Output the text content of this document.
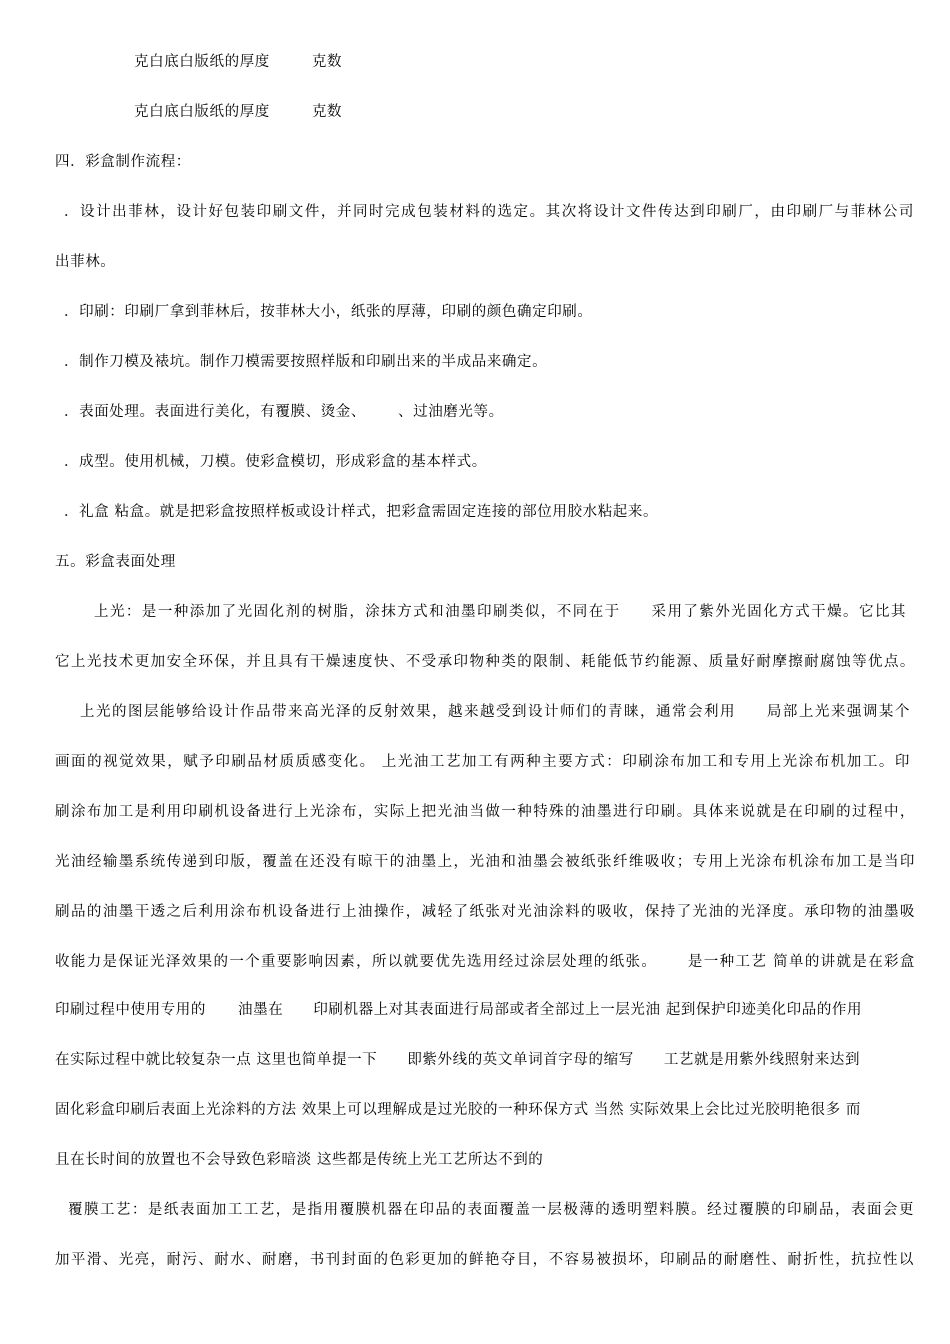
克白底白版纸的厚度	克数
克白底白版纸的厚度	克数
四．彩盒制作流程：
．设计出菲林，设计好包装印刷文件，并同时完成包装材料的选定。其次将设计文件传达到印刷厂，由印刷厂与菲林公司
出菲林。
．印刷：印刷厂拿到菲林后，按菲林大小，纸张的厚薄，印刷的颜色确定印刷。
．制作刀模及裱坑。制作刀模需要按照样版和印刷出来的半成品来确定。
．表面处理。表面进行美化，有覆膜、烫金、 、过油磨光等。
．成型。使用机械，刀模。使彩盒模切，形成彩盒的基本样式。
．礼盒 粘盒。就是把彩盒按照样板或设计样式，把彩盒需固定连接的部位用胶水粘起来。
五。彩盒表面处理
上光：是一种添加了光固化剂的树脂，涂抹方式和油墨印刷类似，不同在于 采用了紫外光固化方式干燥。它比其
它上光技术更加安全环保，并且具有干燥速度快、不受承印物种类的限制、耗能低节约能源、质量好耐摩擦耐腐蚀等优点。
上光的图层能够给设计作品带来高光泽的反射效果，越来越受到设计师们的青睐，通常会利用 局部上光来强调某个
画面的视觉效果，赋予印刷品材质质感变化。 上光油工艺加工有两种主要方式：印刷涂布加工和专用上光涂布机加工。印
刷涂布加工是利用印刷机设备进行上光涂布，实际上把光油当做一种特殊的油墨进行印刷。具体来说就是在印刷的过程中，
光油经输墨系统传递到印版，覆盖在还没有晾干的油墨上，光油和油墨会被纸张纤维吸收；专用上光涂布机涂布加工是当印
刷品的油墨干透之后利用涂布机设备进行上油操作，减轻了纸张对光油涂料的吸收，保持了光油的光泽度。承印物的油墨吸
收能力是保证光泽效果的一个重要影响因素，所以就要优先选用经过涂层处理的纸张。 是一种工艺 简单的讲就是在彩盒
印刷过程中使用专用的 油墨在 印刷机器上对其表面进行局部或者全部过上一层光油 起到保护印迹美化印品的作用
在实际过程中就比较复杂一点 这里也简单提一下 即紫外线的英文单词首字母的缩写 工艺就是用紫外线照射来达到
固化彩盒印刷后表面上光涂料的方法 效果上可以理解成是过光胶的一种环保方式 当然 实际效果上会比过光胶明艳很多 而
且在长时间的放置也不会导致色彩暗淡 这些都是传统上光工艺所达不到的
覆膜工艺：是纸表面加工工艺，是指用覆膜机器在印品的表面覆盖一层极薄的透明塑料膜。经过覆膜的印刷品，表面会更
加平滑、光亮，耐污、耐水、耐磨，书刊封面的色彩更加的鲜艳夺目，不容易被损坏，印刷品的耐磨性、耐折性，抗拉性以
